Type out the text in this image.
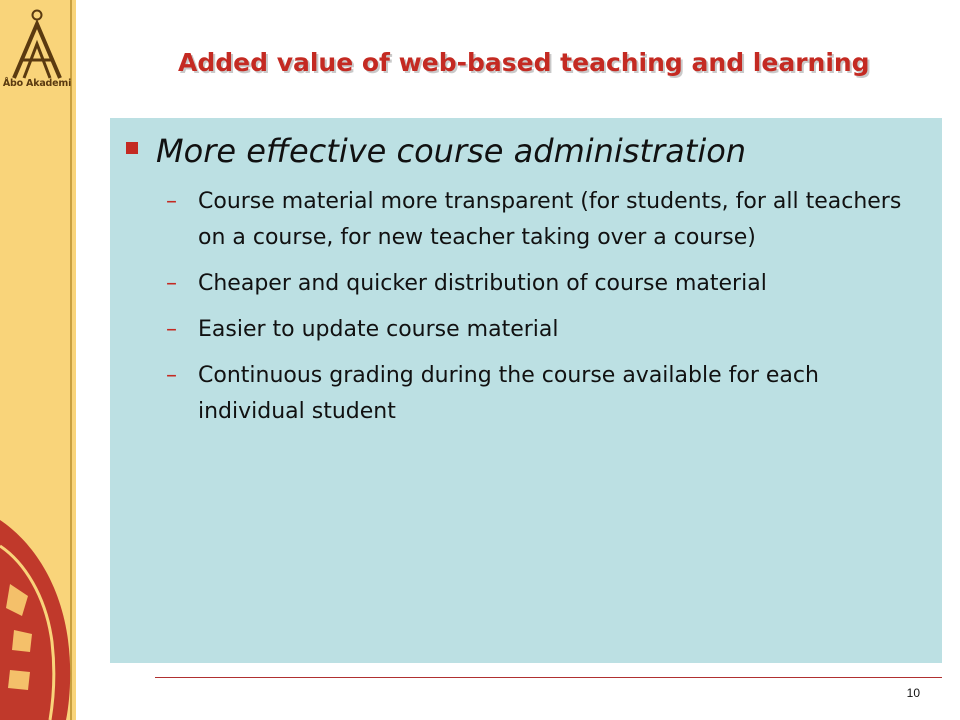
Åbo Akademi
Added value of web-based teaching and learning
More effective course administration
– Course material more transparent (for students, for all teachers on a course, for new teacher taking over a course)
– Cheaper and quicker distribution of course material
– Easier to update course material
– Continuous grading during the course available for each individual student
10
